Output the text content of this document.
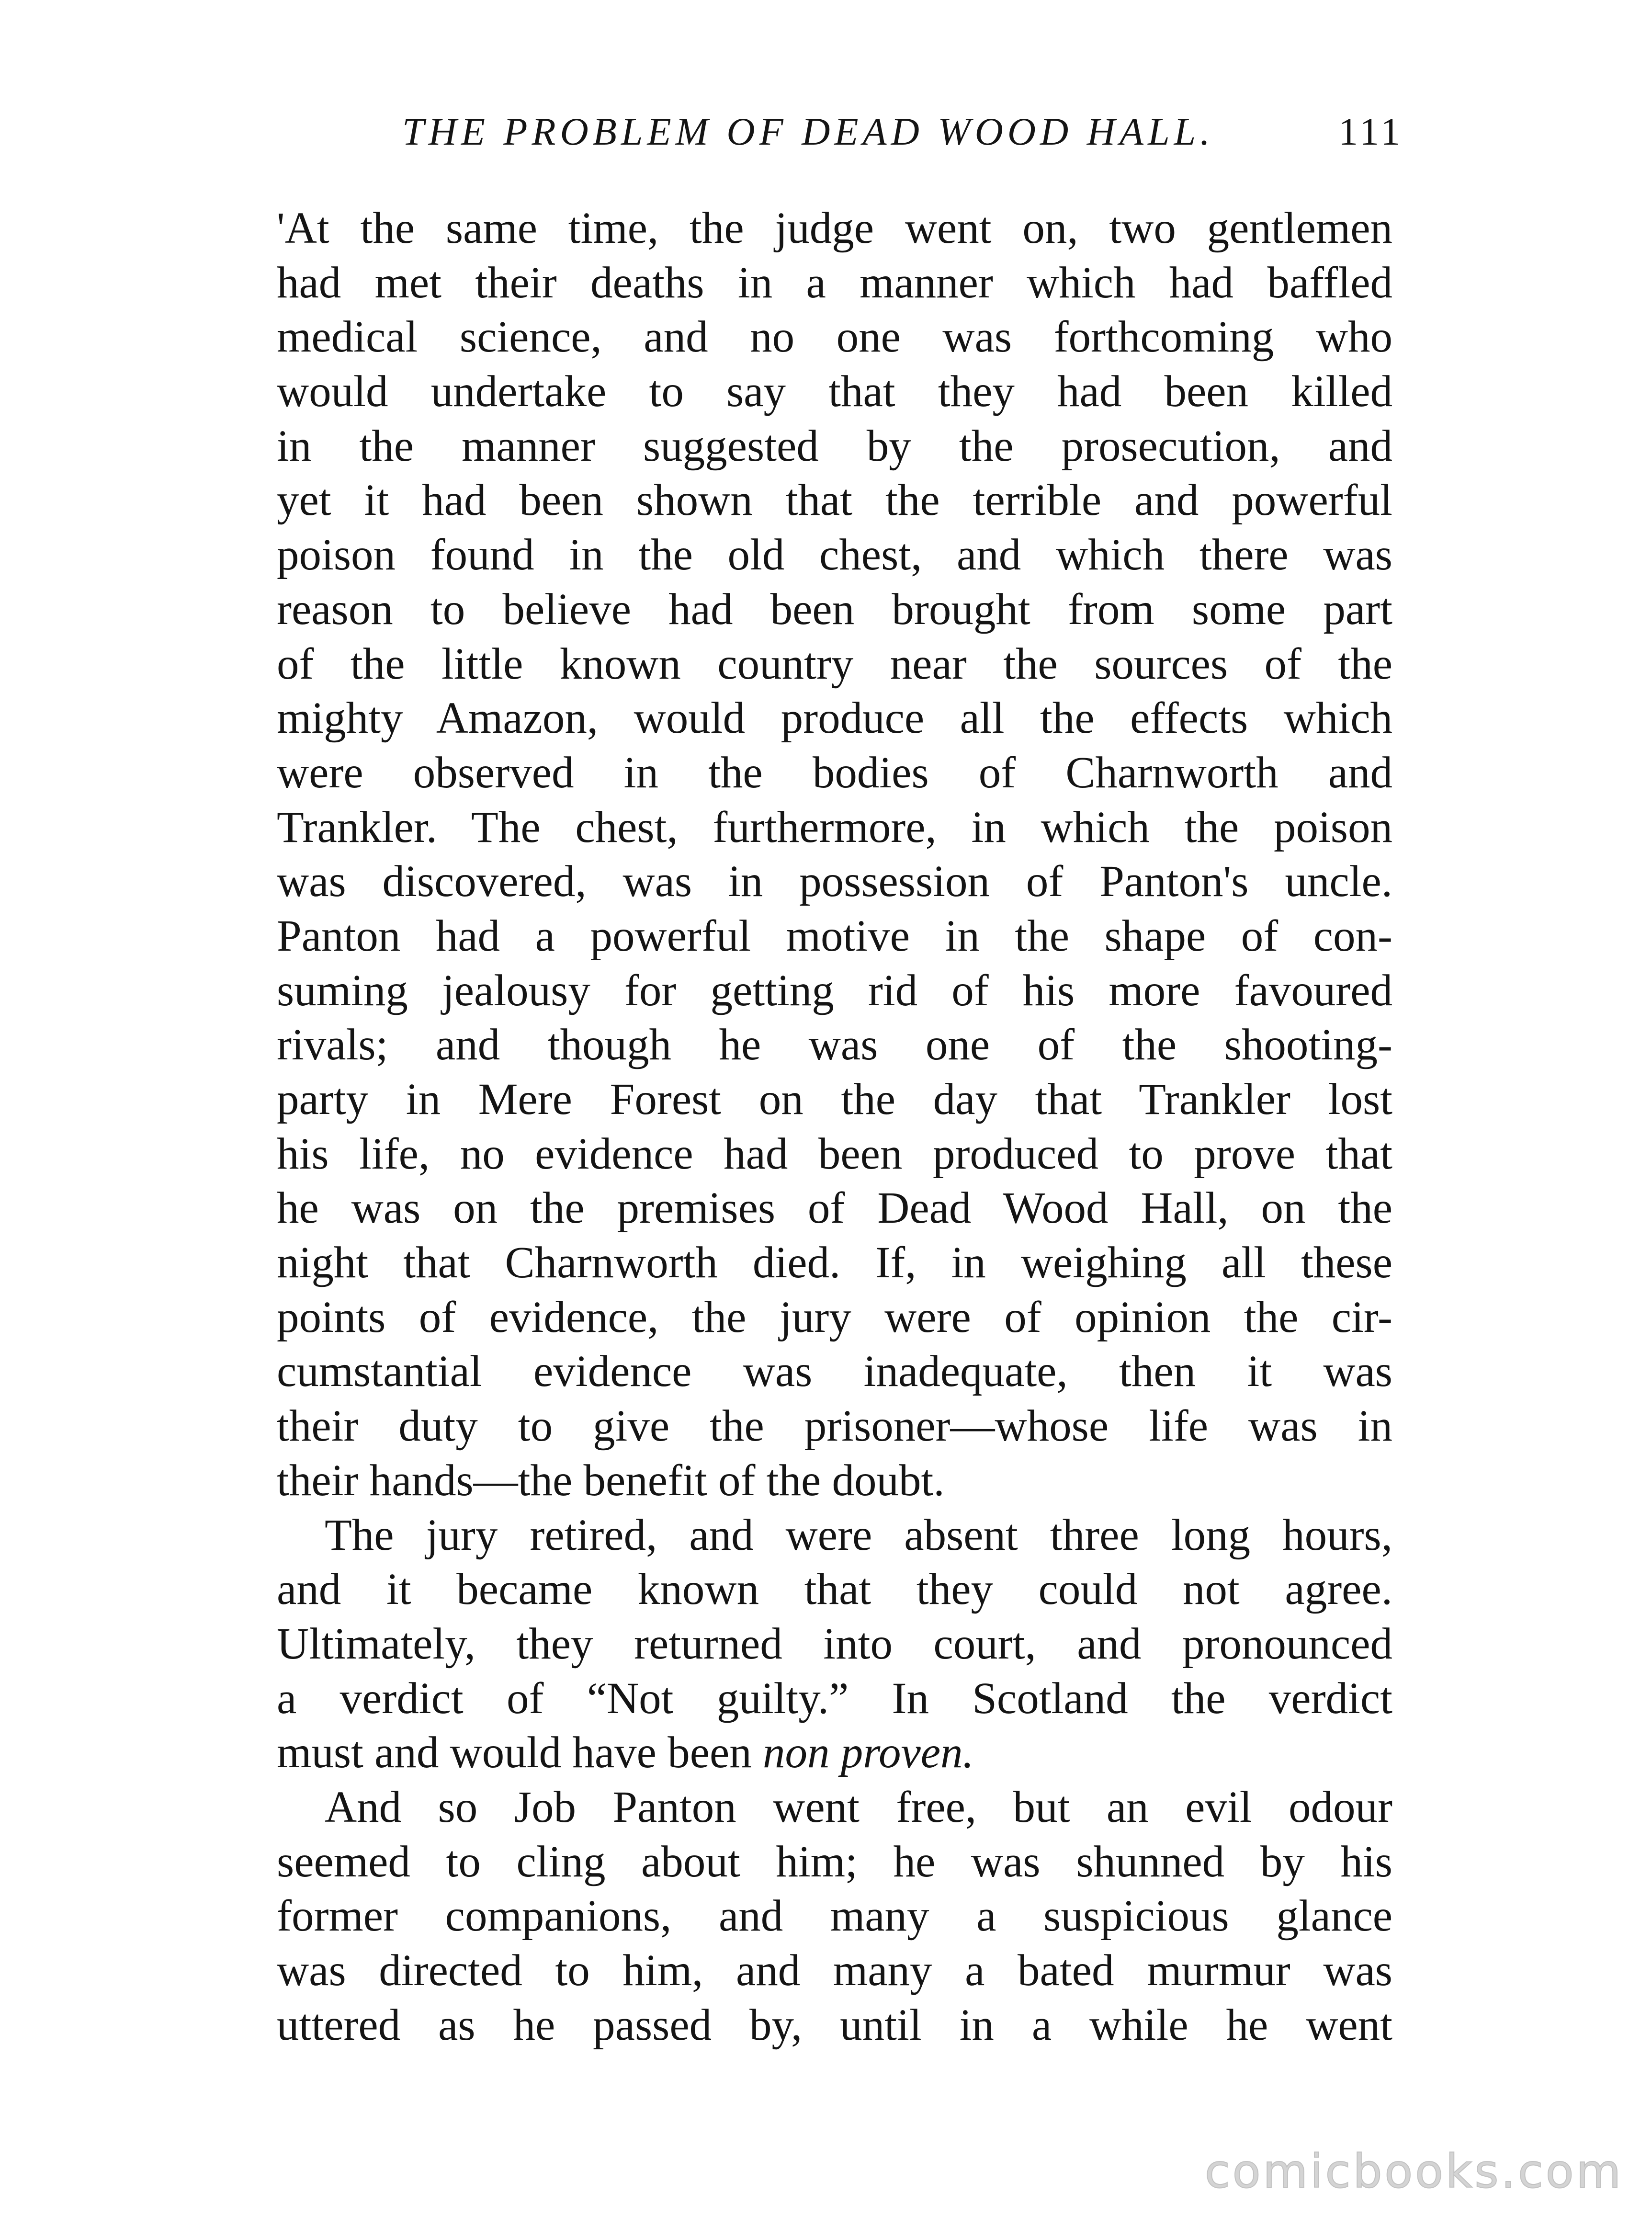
THE PROBLEM OF DEAD WOOD HALL.	111
'At the same time, the judge went on, two gentlemen
had met their deaths in a manner which had baffled
medical science, and no one was forthcoming who
would undertake to say that they had been killed
in the manner suggested by the prosecution, and
yet it had been shown that the terrible and powerful
poison found in the old chest, and which there was
reason to believe had been brought from some part
of the little known country near the sources of the
mighty Amazon, would produce all the effects which
were observed in the bodies of Charnworth and
Trankler. The chest, furthermore, in which the poison
was discovered, was in possession of Panton's uncle.
Panton had a powerful motive in the shape of con-
suming jealousy for getting rid of his more favoured
rivals; and though he was one of the shooting-
party in Mere Forest on the day that Trankler lost
his life, no evidence had been produced to prove that
he was on the premises of Dead Wood Hall, on the
night that Charnworth died. If, in weighing all these
points of evidence, the jury were of opinion the cir-
cumstantial evidence was inadequate, then it was
their duty to give the prisoner—whose life was in
their hands—the benefit of the doubt.
The jury retired, and were absent three long hours,
and it became known that they could not agree.
Ultimately, they returned into court, and pronounced
a verdict of “Not guilty.” In Scotland the verdict
must and would have been non proven.
And so Job Panton went free, but an evil odour
seemed to cling about him; he was shunned by his
former companions, and many a suspicious glance
was directed to him, and many a bated murmur was
uttered as he passed by, until in a while he went
comicbooks.com
